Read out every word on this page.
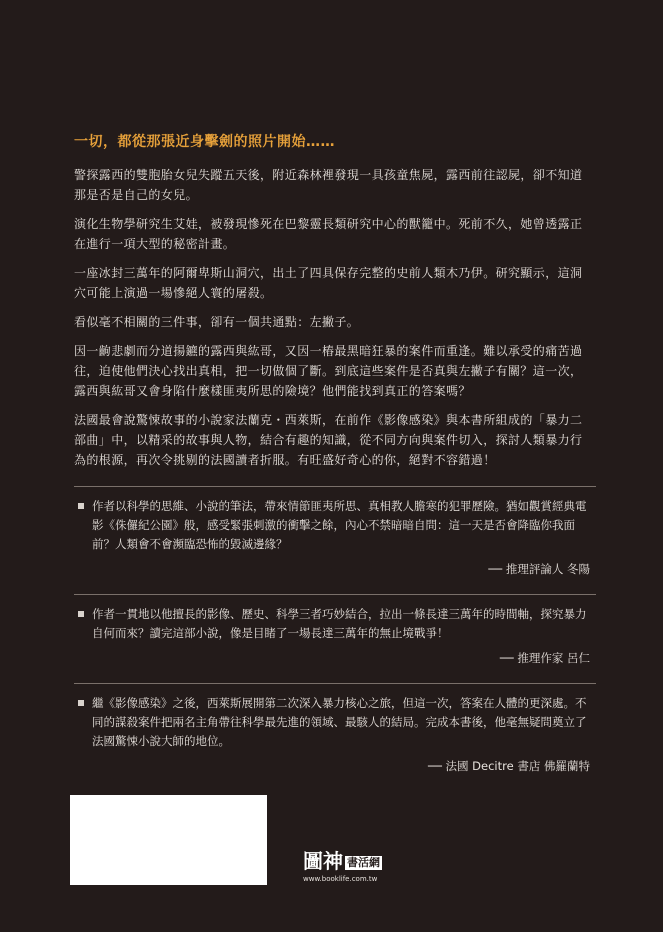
一切，都從那張近身擊劍的照片開始……

警探露西的雙胞胎女兒失蹤五天後，附近森林裡發現一具孩童焦屍，露西前往認屍，卻不知道那是否是自己的女兒。

演化生物學研究生艾娃，被發現慘死在巴黎靈長類研究中心的獸籠中。死前不久，她曾透露正在進行一項大型的秘密計畫。

一座冰封三萬年的阿爾卑斯山洞穴，出土了四具保存完整的史前人類木乃伊。研究顯示，這洞穴可能上演過一場慘絕人寰的屠殺。

看似毫不相關的三件事，卻有一個共通點：左撇子。

因一齣悲劇而分道揚鑣的露西與紘哥，又因一樁最黑暗狂暴的案件而重逢。難以承受的痛苦過往，迫使他們決心找出真相，把一切做個了斷。到底這些案件是否真與左撇子有關？這一次，露西與紘哥又會身陷什麼樣匪夷所思的險境？他們能找到真正的答案嗎？

法國最會說驚悚故事的小說家法蘭克・西萊斯，在前作《影像感染》與本書所組成的「暴力二部曲」中，以精采的故事與人物，結合有趣的知識，從不同方向與案件切入，探討人類暴力行為的根源，再次令挑剔的法國讀者折服。有旺盛好奇心的你，絕對不容錯過！

作者以科學的思維、小說的筆法，帶來情節匪夷所思、真相教人膽寒的犯罪歷險。猶如觀賞經典電影《侏儸紀公園》般，感受緊張刺激的衝擊之餘，內心不禁暗暗自問：這一天是否會降臨你我面前？人類會不會瀕臨恐怖的毀滅邊緣？

── 推理評論人 冬陽

作者一貫地以他擅長的影像、歷史、科學三者巧妙結合，拉出一條長達三萬年的時間軸，探究暴力自何而來？讀完這部小說，像是目睹了一場長達三萬年的無止境戰爭！

── 推理作家 呂仁

繼《影像感染》之後，西萊斯展開第二次深入暴力核心之旅，但這一次，答案在人體的更深處。不同的謀殺案件把兩名主角帶往科學最先進的領域、最駭人的結局。完成本書後，他毫無疑問奠立了法國驚悚小說大師的地位。

── 法國 Decitre 書店 佛羅蘭特
圖神 書活網
www.booklife.com.tw
